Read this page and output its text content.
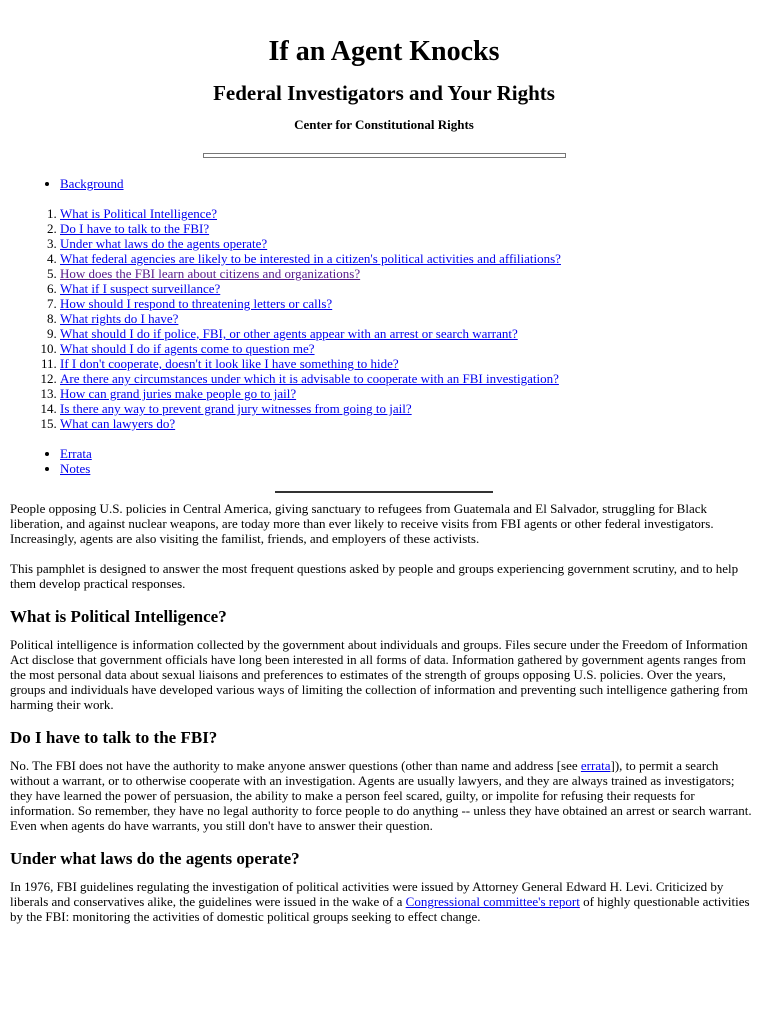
If an Agent Knocks
Federal Investigators and Your Rights
Center for Constitutional Rights
• Background
1. What is Political Intelligence?
2. Do I have to talk to the FBI?
3. Under what laws do the agents operate?
4. What federal agencies are likely to be interested in a citizen's political activities and affiliations?
5. How does the FBI learn about citizens and organizations?
6. What if I suspect surveillance?
7. How should I respond to threatening letters or calls?
8. What rights do I have?
9. What should I do if police, FBI, or other agents appear with an arrest or search warrant?
10. What should I do if agents come to question me?
11. If I don't cooperate, doesn't it look like I have something to hide?
12. Are there any circumstances under which it is advisable to cooperate with an FBI investigation?
13. How can grand juries make people go to jail?
14. Is there any way to prevent grand jury witnesses from going to jail?
15. What can lawyers do?
• Errata
• Notes

People opposing U.S. policies in Central America, giving sanctuary to refugees from Guatemala and El Salvador, struggling for Black liberation, and against nuclear weapons, are today more than ever likely to receive visits from FBI agents or other federal investigators. Increasingly, agents are also visiting the familist, friends, and employers of these activists.

This pamphlet is designed to answer the most frequent questions asked by people and groups experiencing government scrutiny, and to help them develop practical responses.

What is Political Intelligence?

Political intelligence is information collected by the government about individuals and groups. Files secure under the Freedom of Information Act disclose that government officials have long been interested in all forms of data. Information gathered by government agents ranges from the most personal data about sexual liaisons and preferences to estimates of the strength of groups opposing U.S. policies. Over the years, groups and individuals have developed various ways of limiting the collection of information and preventing such intelligence gathering from harming their work.

Do I have to talk to the FBI?

No. The FBI does not have the authority to make anyone answer questions (other than name and address [see errata]), to permit a search without a warrant, or to otherwise cooperate with an investigation. Agents are usually lawyers, and they are always trained as investigators; they have learned the power of persuasion, the ability to make a person feel scared, guilty, or impolite for refusing their requests for information. So remember, they have no legal authority to force people to do anything -- unless they have obtained an arrest or search warrant. Even when agents do have warrants, you still don't have to answer their question.

Under what laws do the agents operate?

In 1976, FBI guidelines regulating the investigation of political activities were issued by Attorney General Edward H. Levi. Criticized by liberals and conservatives alike, the guidelines were issued in the wake of a Congressional committee's report of highly questionable activities by the FBI: monitoring the activities of domestic political groups seeking to effect change.
